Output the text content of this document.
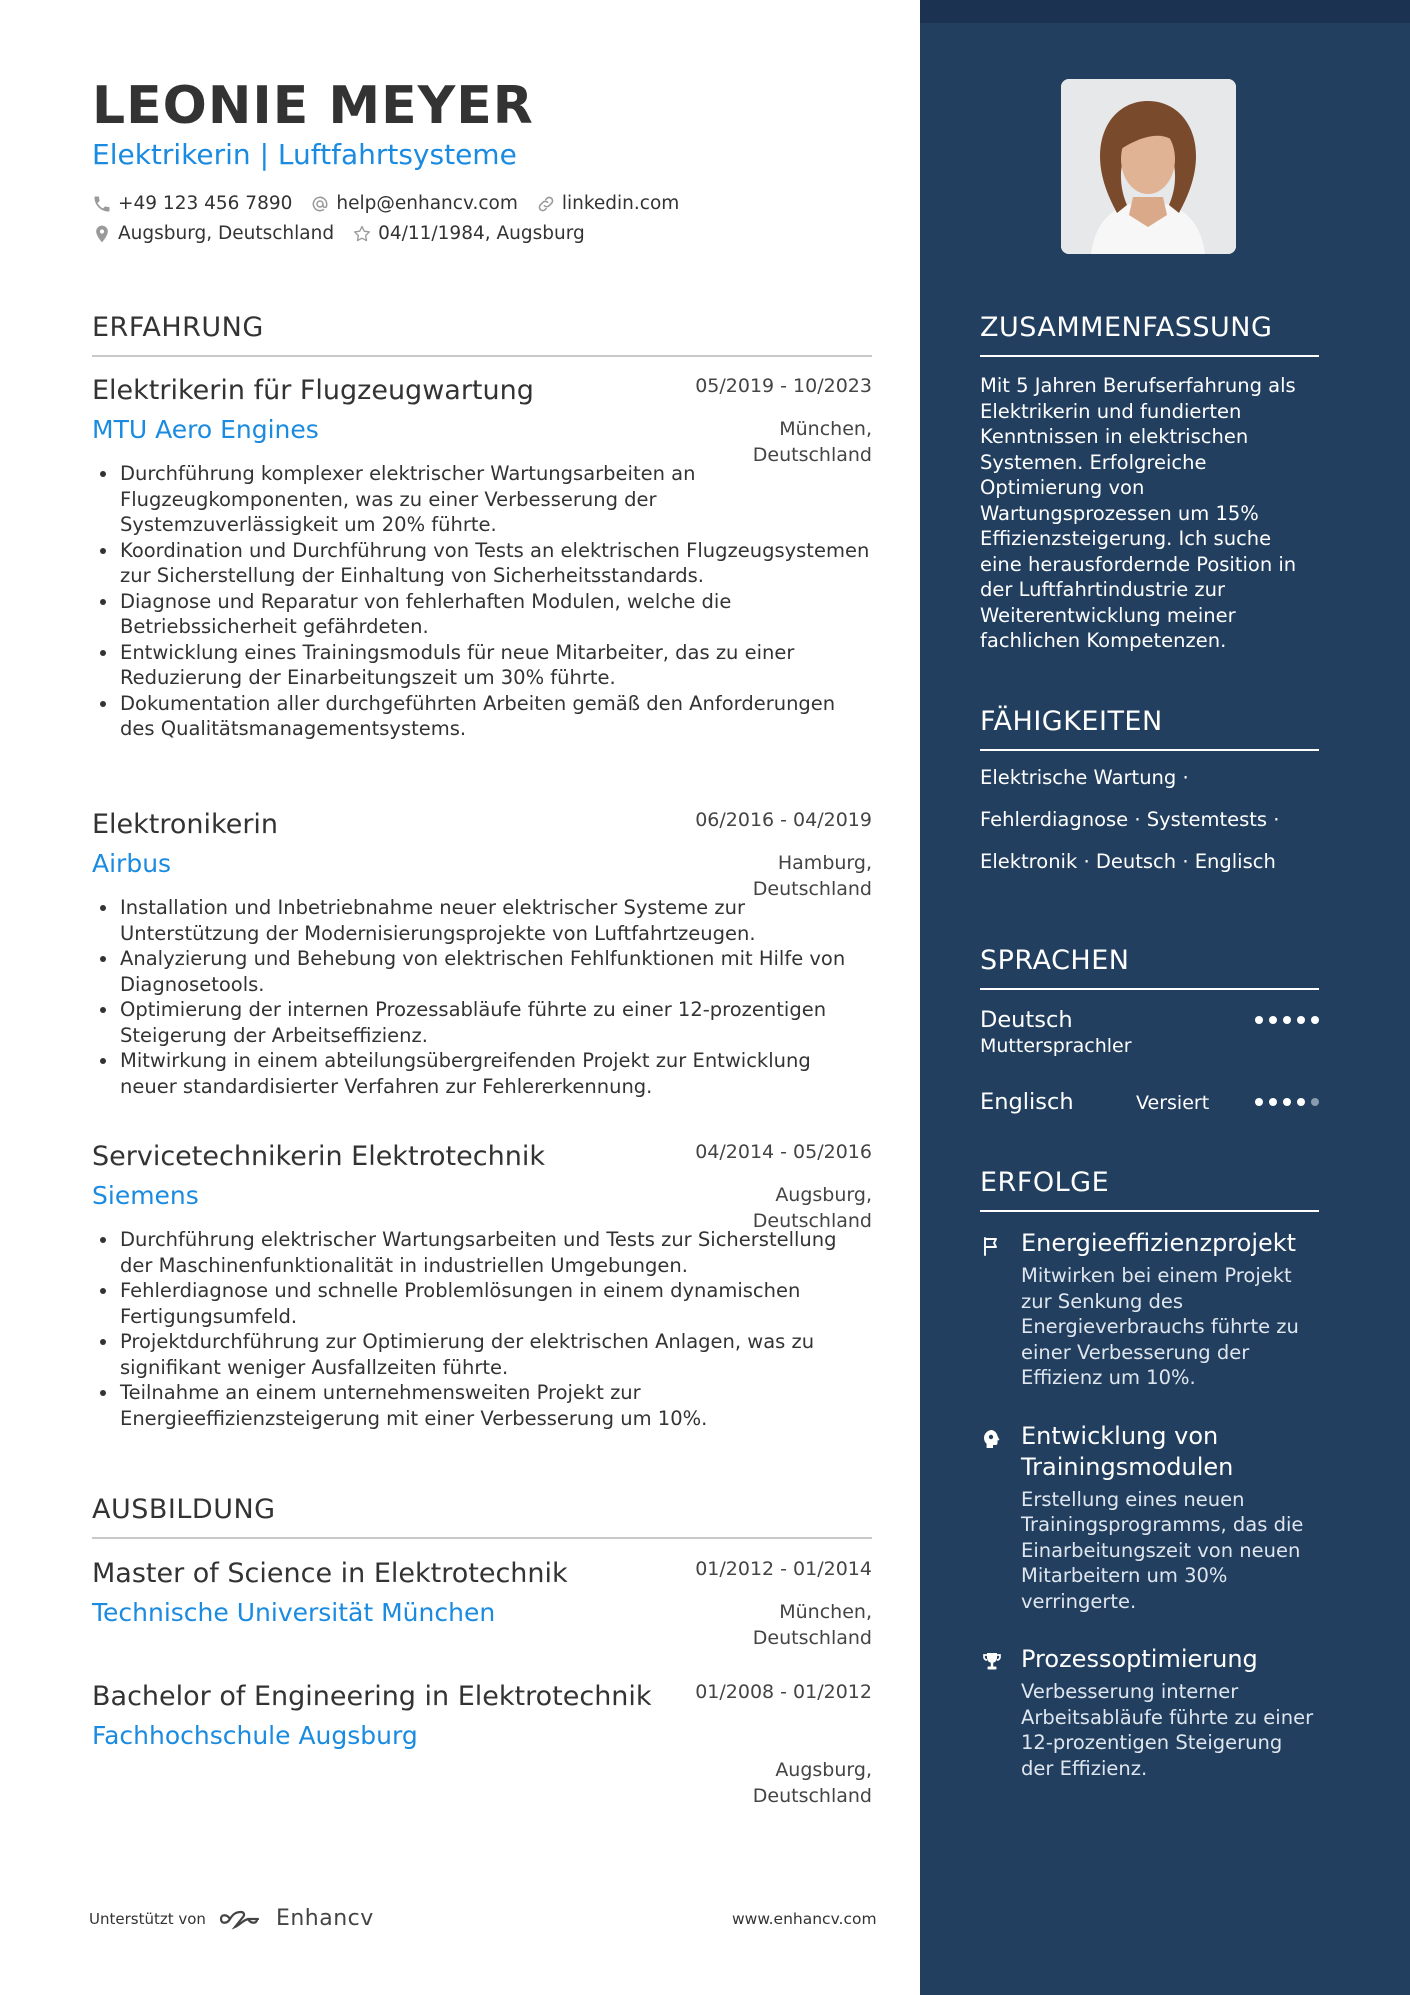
LEONIE MEYER
Elektrikerin | Luftfahrtsysteme
+49 123 456 7890 help@enhancv.com linkedin.com
Augsburg, Deutschland 04/11/1984, Augsburg
ERFAHRUNG
Elektrikerin für Flugzeugwartung	05/2019 - 10/2023
MTU Aero Engines	München,
Deutschland
Durchführung komplexer elektrischer Wartungsarbeiten an Flugzeugkomponenten, was zu einer Verbesserung der Systemzuverlässigkeit um 20% führte.
Koordination und Durchführung von Tests an elektrischen Flugzeugsystemen zur Sicherstellung der Einhaltung von Sicherheitsstandards.
Diagnose und Reparatur von fehlerhaften Modulen, welche die Betriebssicherheit gefährdeten.
Entwicklung eines Trainingsmoduls für neue Mitarbeiter, das zu einer Reduzierung der Einarbeitungszeit um 30% führte.
Dokumentation aller durchgeführten Arbeiten gemäß den Anforderungen des Qualitätsmanagementsystems.
Elektronikerin	06/2016 - 04/2019
Airbus	Hamburg,
Deutschland
Installation und Inbetriebnahme neuer elektrischer Systeme zur Unterstützung der Modernisierungsprojekte von Luftfahrtzeugen.
Analyzierung und Behebung von elektrischen Fehlfunktionen mit Hilfe von Diagnosetools.
Optimierung der internen Prozessabläufe führte zu einer 12-prozentigen Steigerung der Arbeitseffizienz.
Mitwirkung in einem abteilungsübergreifenden Projekt zur Entwicklung neuer standardisierter Verfahren zur Fehlererkennung.
Servicetechnikerin Elektrotechnik	04/2014 - 05/2016
Siemens	Augsburg,
Deutschland
Durchführung elektrischer Wartungsarbeiten und Tests zur Sicherstellung der Maschinenfunktionalität in industriellen Umgebungen.
Fehlerdiagnose und schnelle Problemlösungen in einem dynamischen Fertigungsumfeld.
Projektdurchführung zur Optimierung der elektrischen Anlagen, was zu signifikant weniger Ausfallzeiten führte.
Teilnahme an einem unternehmensweiten Projekt zur Energieeffizienzsteigerung mit einer Verbesserung um 10%.
AUSBILDUNG
Master of Science in Elektrotechnik	01/2012 - 01/2014
Technische Universität München	München,
Deutschland
Bachelor of Engineering in Elektrotechnik 01/2008 - 01/2012
Fachhochschule Augsburg
Augsburg,
Deutschland
Unterstützt von	Enhancv	www.enhancv.com
ZUSAMMENFASSUNG
Mit 5 Jahren Berufserfahrung als Elektrikerin und fundierten Kenntnissen in elektrischen Systemen. Erfolgreiche Optimierung von Wartungsprozessen um 15% Effizienzsteigerung. Ich suche eine herausfordernde Position in der Luftfahrtindustrie zur Weiterentwicklung meiner fachlichen Kompetenzen.
FÄHIGKEITEN
Elektrische Wartung ·
Fehlerdiagnose · Systemtests ·
Elektronik · Deutsch · Englisch
SPRACHEN
Deutsch
Muttersprachler
Englisch	Versiert
ERFOLGE
Energieeffizienzprojekt
Mitwirken bei einem Projekt zur Senkung des Energieverbrauchs führte zu einer Verbesserung der Effizienz um 10%.
Entwicklung von Trainingsmodulen
Erstellung eines neuen Trainingsprogramms, das die Einarbeitungszeit von neuen Mitarbeitern um 30% verringerte.
Prozessoptimierung
Verbesserung interner Arbeitsabläufe führte zu einer 12-prozentigen Steigerung der Effizienz.
